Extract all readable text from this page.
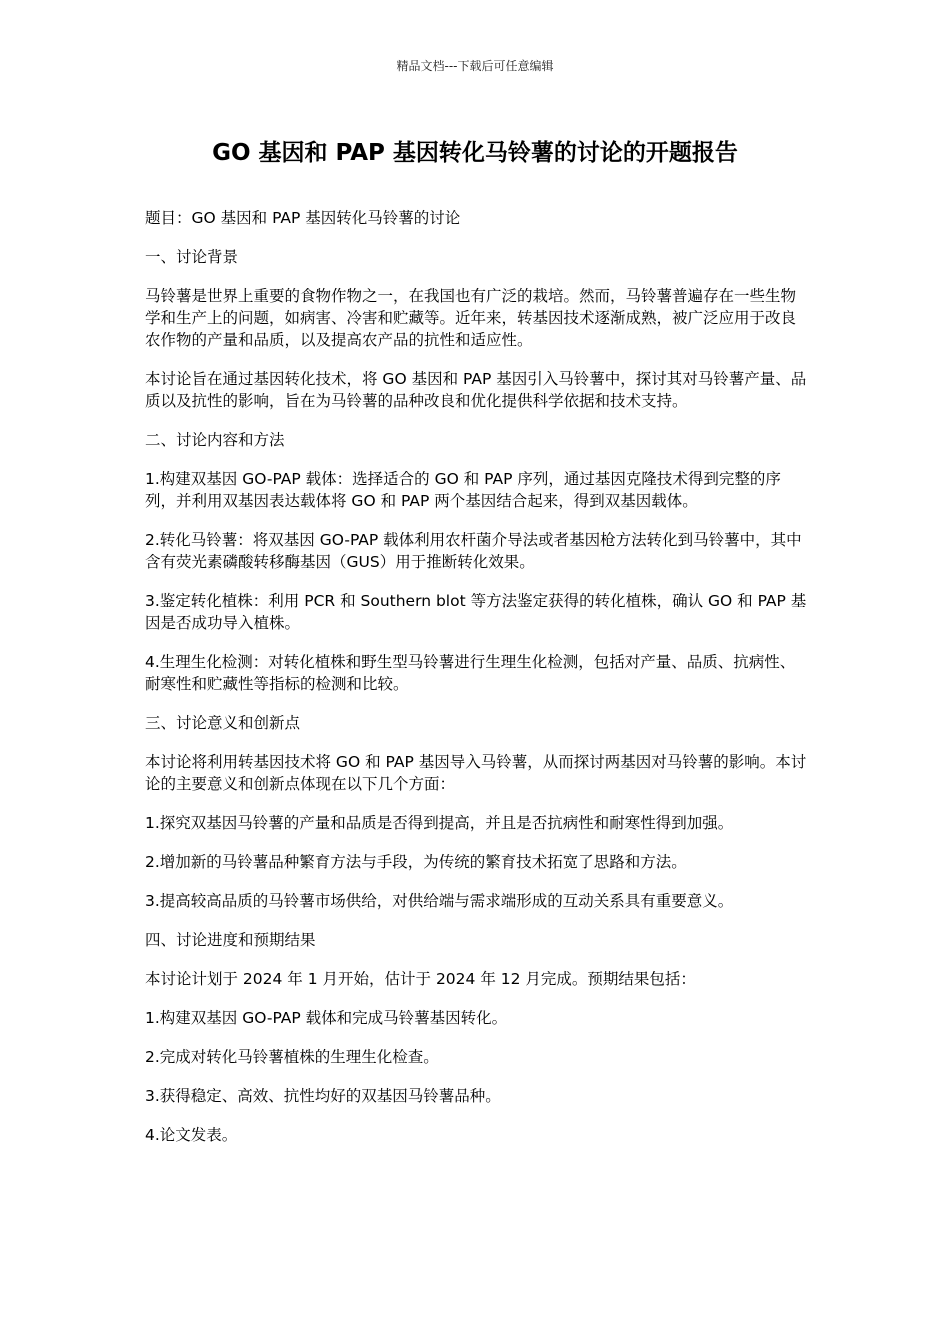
精品文档---下载后可任意编辑
GO 基因和 PAP 基因转化马铃薯的讨论的开题报告

题目：GO 基因和 PAP 基因转化马铃薯的讨论

一、讨论背景

马铃薯是世界上重要的食物作物之一，在我国也有广泛的栽培。然而，马铃薯普遍存在一些生物学和生产上的问题，如病害、冷害和贮藏等。近年来，转基因技术逐渐成熟，被广泛应用于改良农作物的产量和品质，以及提高农产品的抗性和适应性。

本讨论旨在通过基因转化技术，将 GO 基因和 PAP 基因引入马铃薯中，探讨其对马铃薯产量、品质以及抗性的影响，旨在为马铃薯的品种改良和优化提供科学依据和技术支持。

二、讨论内容和方法

1.构建双基因 GO-PAP 载体：选择适合的 GO 和 PAP 序列，通过基因克隆技术得到完整的序列，并利用双基因表达载体将 GO 和 PAP 两个基因结合起来，得到双基因载体。

2.转化马铃薯：将双基因 GO-PAP 载体利用农杆菌介导法或者基因枪方法转化到马铃薯中，其中含有荧光素磷酸转移酶基因（GUS）用于推断转化效果。

3.鉴定转化植株：利用 PCR 和 Southern blot 等方法鉴定获得的转化植株，确认 GO 和 PAP 基因是否成功导入植株。

4.生理生化检测：对转化植株和野生型马铃薯进行生理生化检测，包括对产量、品质、抗病性、耐寒性和贮藏性等指标的检测和比较。

三、讨论意义和创新点

本讨论将利用转基因技术将 GO 和 PAP 基因导入马铃薯，从而探讨两基因对马铃薯的影响。本讨论的主要意义和创新点体现在以下几个方面：

1.探究双基因马铃薯的产量和品质是否得到提高，并且是否抗病性和耐寒性得到加强。

2.增加新的马铃薯品种繁育方法与手段，为传统的繁育技术拓宽了思路和方法。

3.提高较高品质的马铃薯市场供给，对供给端与需求端形成的互动关系具有重要意义。

四、讨论进度和预期结果

本讨论计划于 2024 年 1 月开始，估计于 2024 年 12 月完成。预期结果包括：

1.构建双基因 GO-PAP 载体和完成马铃薯基因转化。

2.完成对转化马铃薯植株的生理生化检查。

3.获得稳定、高效、抗性均好的双基因马铃薯品种。

4.论文发表。
